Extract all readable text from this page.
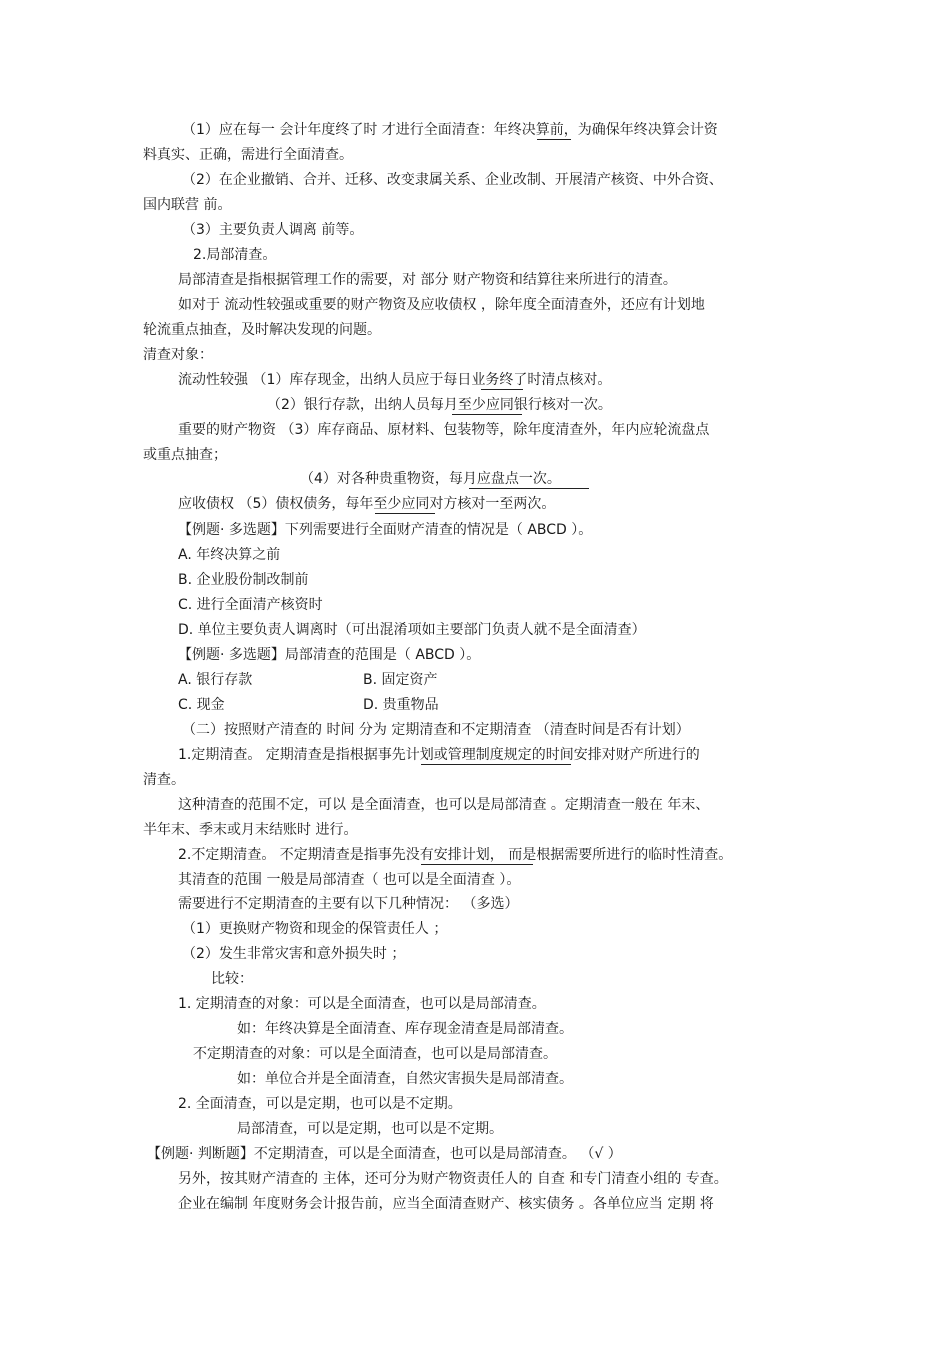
（1）应在每一 会计年度终了时 才进行全面清查：年终决算前，为确保年终决算会计资
料真实、正确，需进行全面清查。
（2）在企业撤销、合并、迁移、改变隶属关系、企业改制、开展清产核资、中外合资、
国内联营 前。
（3）主要负责人调离 前等。
2.局部清查。
局部清查是指根据管理工作的需要，对 部分 财产物资和结算往来所进行的清查。
如对于 流动性较强或重要的财产物资及应收债权 ，除年度全面清查外，还应有计划地
轮流重点抽查，及时解决发现的问题。
清查对象：
流动性较强 （1）库存现金，出纳人员应于每日业务终了时清点核对。
（2）银行存款，出纳人员每月至少应同银行核对一次。
重要的财产物资 （3）库存商品、原材料、包装物等，除年度清查外，年内应轮流盘点
或重点抽查；
（4）对各种贵重物资，每月应盘点一次。
应收债权 （5）债权债务，每年至少应同对方核对一至两次。
【例题· 多选题】下列需要进行全面财产清查的情况是（ ABCD ）。
A. 年终决算之前
B. 企业股份制改制前
C. 进行全面清产核资时
D. 单位主要负责人调离时（可出混淆项如主要部门负责人就不是全面清查）
【例题· 多选题】局部清查的范围是（ ABCD ）。
A. 银行存款	B. 固定资产
C. 现金	D. 贵重物品
（二）按照财产清查的 时间 分为 定期清查和不定期清查 （清查时间是否有计划）
1.定期清查。 定期清查是指根据事先计划或管理制度规定的时间安排对财产所进行的
清查。
这种清查的范围不定，可以 是全面清查，也可以是局部清查 。定期清查一般在 年末、
半年末、季末或月末结账时 进行。
2.不定期清查。 不定期清查是指事先没有安排计划， 而是根据需要所进行的临时性清查。
其清查的范围 一般是局部清查（ 也可以是全面清查 ）。
需要进行不定期清查的主要有以下几种情况： （多选）
（1）更换财产物资和现金的保管责任人 ；
（2）发生非常灾害和意外损失时 ；
比较：
1. 定期清查的对象：可以是全面清查，也可以是局部清查。
如：年终决算是全面清查、库存现金清查是局部清查。
不定期清查的对象：可以是全面清查，也可以是局部清查。
如：单位合并是全面清查，自然灾害损失是局部清查。
2. 全面清查，可以是定期，也可以是不定期。
局部清查，可以是定期，也可以是不定期。
【例题· 判断题】不定期清查，可以是全面清查，也可以是局部清查。 （√ ）
另外，按其财产清查的 主体，还可分为财产物资责任人的 自查 和专门清查小组的 专查。
企业在编制 年度财务会计报告前，应当全面清查财产、核实债务 。各单位应当 定期 将
